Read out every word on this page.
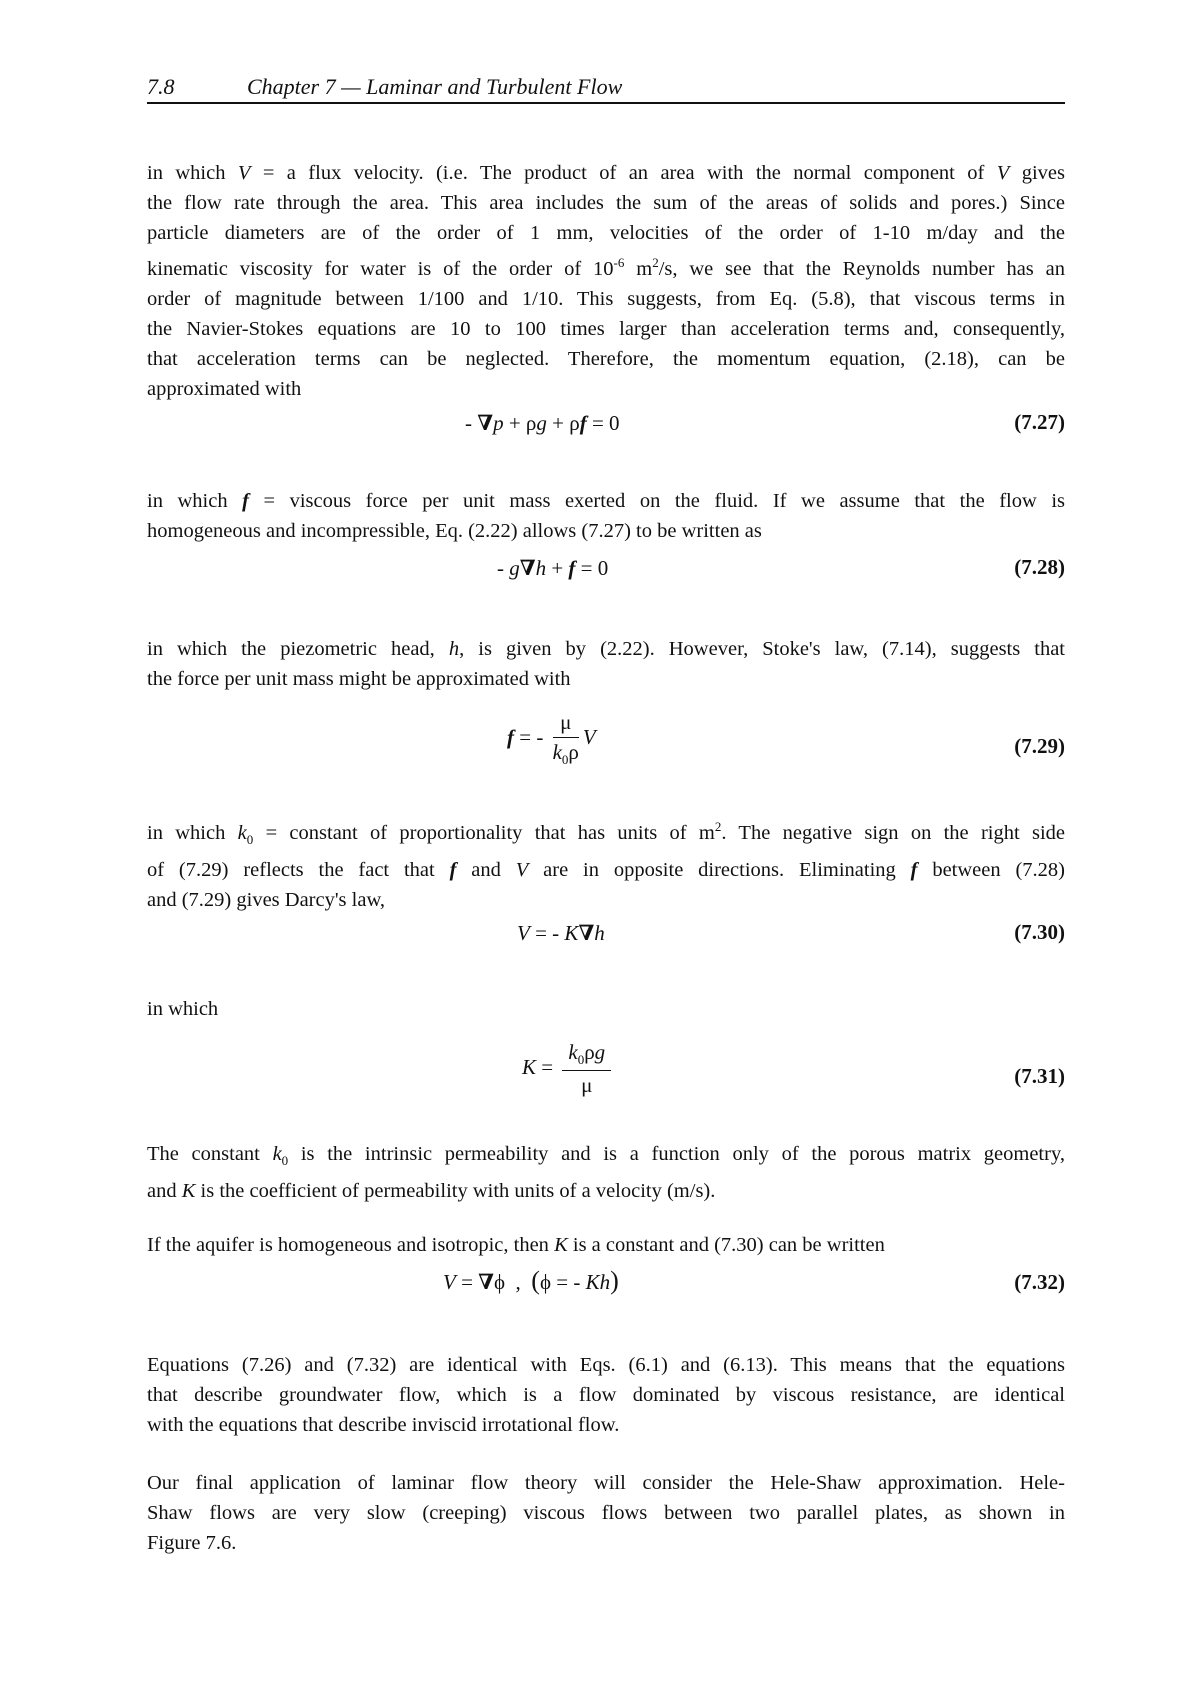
7.8	Chapter 7 — Laminar and Turbulent Flow
in which V = a flux velocity. (i.e. The product of an area with the normal component of V gives
the flow rate through the area. This area includes the sum of the areas of solids and pores.) Since
particle diameters are of the order of 1 mm, velocities of the order of 1-10 m/day and the
kinematic viscosity for water is of the order of $10^{-6}$ $m^2/s$, we see that the Reynolds number has an
order of magnitude between 1/100 and 1/10. This suggests, from Eq. (5.8), that viscous terms in
the Navier-Stokes equations are 10 to 100 times larger than acceleration terms and, consequently,
that acceleration terms can be neglected. Therefore, the momentum equation, (2.18), can be
approximated with
- ∇p + ρg + ρf = 0	(7.27)
in which f = viscous force per unit mass exerted on the fluid. If we assume that the flow is
homogeneous and incompressible, Eq. (2.22) allows (7.27) to be written as
- g∇h + f = 0	(7.28)
in which the piezometric head, h, is given by (2.22). However, Stoke's law, (7.14), suggests that
the force per unit mass might be approximated with
f = - $\frac{\mu}{k_0\rho}$ V	(7.29)
in which $k_0$ = constant of proportionality that has units of $m^2$. The negative sign on the right side
of (7.29) reflects the fact that f and V are in opposite directions. Eliminating f between (7.28)
and (7.29) gives Darcy's law,
V = - K∇h	(7.30)
in which
$K = \frac{k_0\rho g}{\mu}$	(7.31)
The constant $k_0$ is the intrinsic permeability and is a function only of the porous matrix geometry,
and K is the coefficient of permeability with units of a velocity (m/s).
If the aquifer is homogeneous and isotropic, then K is a constant and (7.30) can be written
V = ∇ϕ  ,  (ϕ = - Kh)	(7.32)
Equations (7.26) and (7.32) are identical with Eqs. (6.1) and (6.13). This means that the equations
that describe groundwater flow, which is a flow dominated by viscous resistance, are identical
with the equations that describe inviscid irrotational flow.
Our final application of laminar flow theory will consider the Hele-Shaw approximation. Hele-
Shaw flows are very slow (creeping) viscous flows between two parallel plates, as shown in
Figure 7.6.
